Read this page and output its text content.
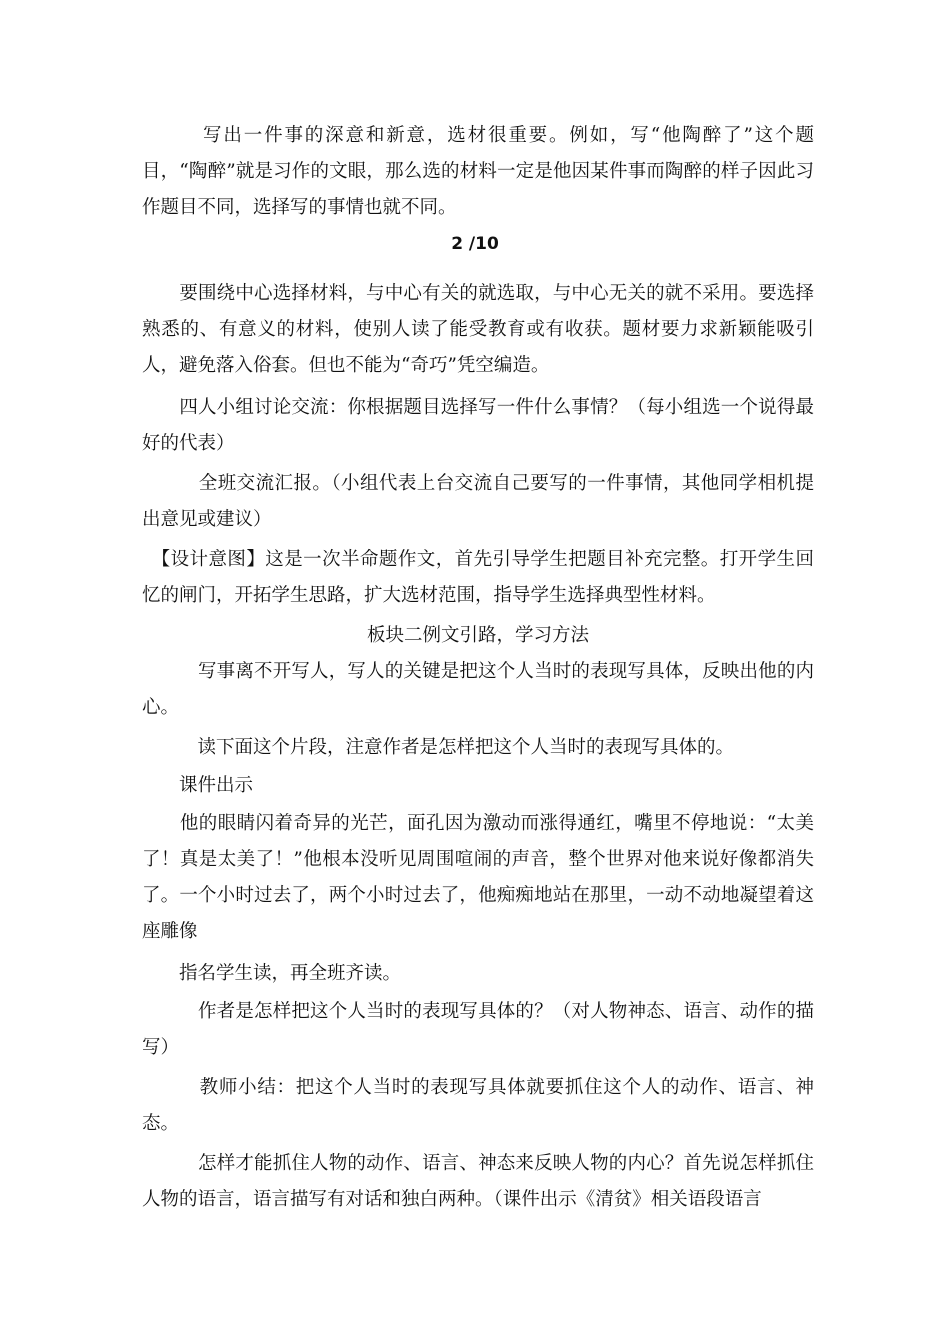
　　　写出一件事的深意和新意，选材很重要。例如，写“他陶醉了”这个题目，“陶醉”就是习作的文眼，那么选的材料一定是他因某件事而陶醉的样子因此习作题目不同，选择写的事情也就不同。

2 /10

　　要围绕中心选择材料，与中心有关的就选取，与中心无关的就不采用。要选择熟悉的、有意义的材料，使别人读了能受教育或有收获。题材要力求新颖能吸引人，避免落入俗套。但也不能为“奇巧”凭空编造。

　　四人小组讨论交流：你根据题目选择写一件什么事情？（每小组选一个说得最好的代表）

　　　全班交流汇报。（小组代表上台交流自己要写的一件事情，其他同学相机提出意见或建议）

　【设计意图】这是一次半命题作文，首先引导学生把题目补充完整。打开学生回忆的闸门，开拓学生思路，扩大选材范围，指导学生选择典型性材料。

板块二例文引路，学习方法

　　　写事离不开写人，写人的关键是把这个人当时的表现写具体，反映出他的内心。

　　　读下面这个片段，注意作者是怎样把这个人当时的表现写具体的。

　　课件出示

　　他的眼睛闪着奇异的光芒，面孔因为激动而涨得通红，嘴里不停地说：“太美了！真是太美了！”他根本没听见周围喧闹的声音，整个世界对他来说好像都消失了。一个小时过去了，两个小时过去了，他痴痴地站在那里，一动不动地凝望着这座雕像

　　指名学生读，再全班齐读。

　　　作者是怎样把这个人当时的表现写具体的？（对人物神态、语言、动作的描写）

　　　教师小结：把这个人当时的表现写具体就要抓住这个人的动作、语言、神态。

　　　怎样才能抓住人物的动作、语言、神态来反映人物的内心？首先说怎样抓住人物的语言，语言描写有对话和独白两种。（课件出示《清贫》相关语段语言
